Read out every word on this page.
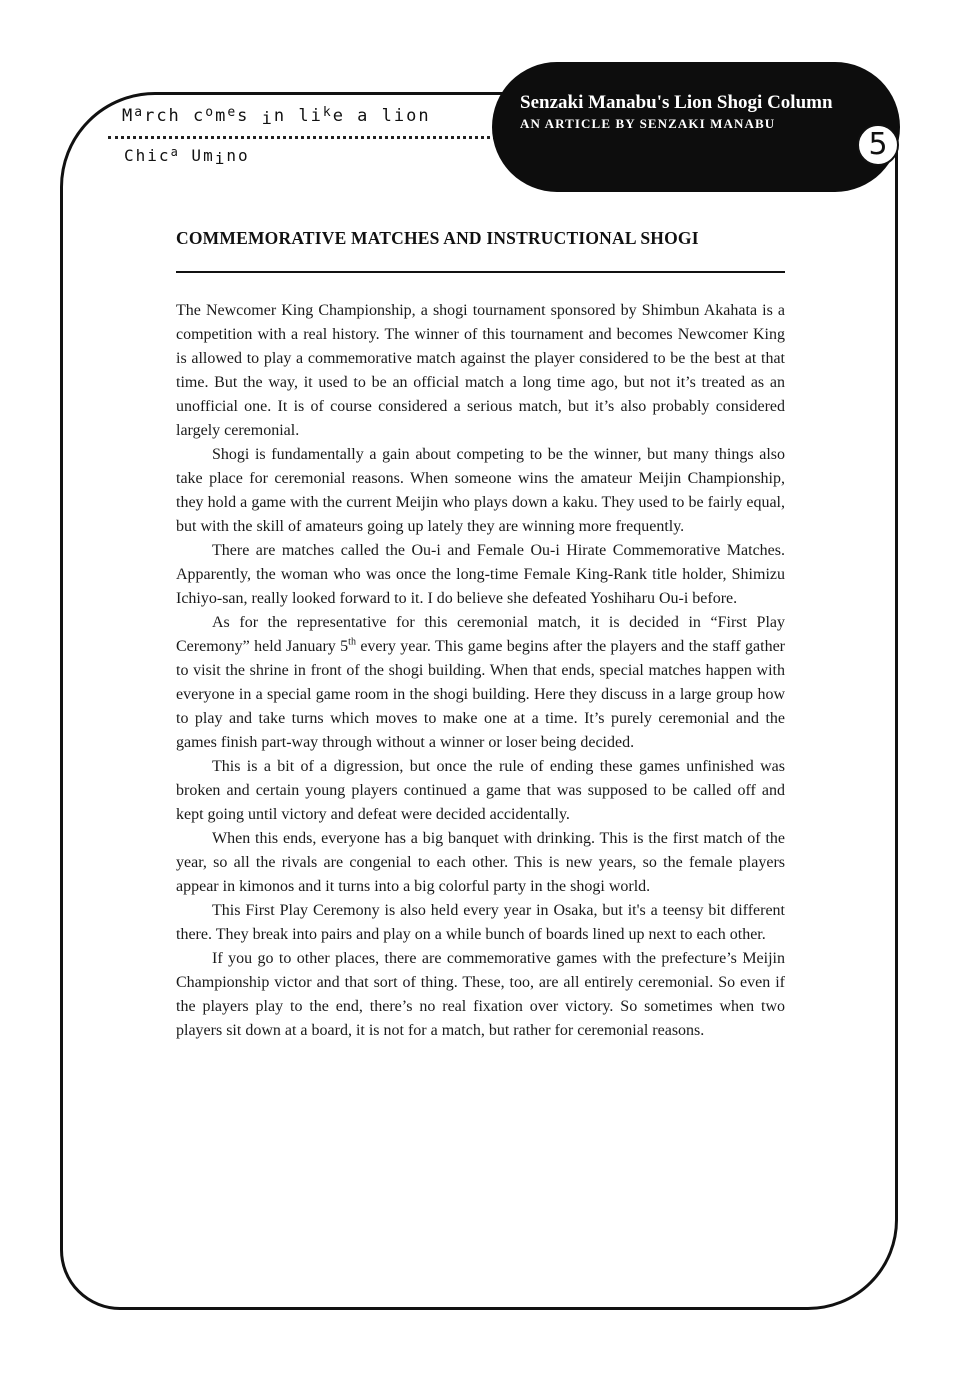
$M^arch$ $c^om^es$ in $li^ke$ a lion
Chic$^a$ Umino
Senzaki Manabu's Lion Shogi Column
AN ARTICLE BY SENZAKI MANABU
5
COMMEMORATIVE MATCHES AND INSTRUCTIONAL SHOGI

The Newcomer King Championship, a shogi tournament sponsored by Shimbun Akahata is a competition with a real history. The winner of this tournament and becomes Newcomer King is allowed to play a commemorative match against the player considered to be the best at that time. But the way, it used to be an official match a long time ago, but not it’s treated as an unofficial one. It is of course considered a serious match, but it’s also probably considered largely ceremonial.

Shogi is fundamentally a gain about competing to be the winner, but many things also take place for ceremonial reasons. When someone wins the amateur Meijin Championship, they hold a game with the current Meijin who plays down a kaku. They used to be fairly equal, but with the skill of amateurs going up lately they are winning more frequently.

There are matches called the Ou-i and Female Ou-i Hirate Commemorative Matches. Apparently, the woman who was once the long-time Female King-Rank title holder, Shimizu Ichiyo-san, really looked forward to it. I do believe she defeated Yoshiharu Ou-i before.

As for the representative for this ceremonial match, it is decided in “First Play Ceremony” held January 5th every year. This game begins after the players and the staff gather to visit the shrine in front of the shogi building. When that ends, special matches happen with everyone in a special game room in the shogi building. Here they discuss in a large group how to play and take turns which moves to make one at a time. It’s purely ceremonial and the games finish part-way through without a winner or loser being decided.

This is a bit of a digression, but once the rule of ending these games unfinished was broken and certain young players continued a game that was supposed to be called off and kept going until victory and defeat were decided accidentally.

When this ends, everyone has a big banquet with drinking. This is the first match of the year, so all the rivals are congenial to each other. This is new years, so the female players appear in kimonos and it turns into a big colorful party in the shogi world.

This First Play Ceremony is also held every year in Osaka, but it's a teensy bit different there. They break into pairs and play on a while bunch of boards lined up next to each other.

If you go to other places, there are commemorative games with the prefecture’s Meijin Championship victor and that sort of thing. These, too, are all entirely ceremonial. So even if the players play to the end, there’s no real fixation over victory. So sometimes when two players sit down at a board, it is not for a match, but rather for ceremonial reasons.
